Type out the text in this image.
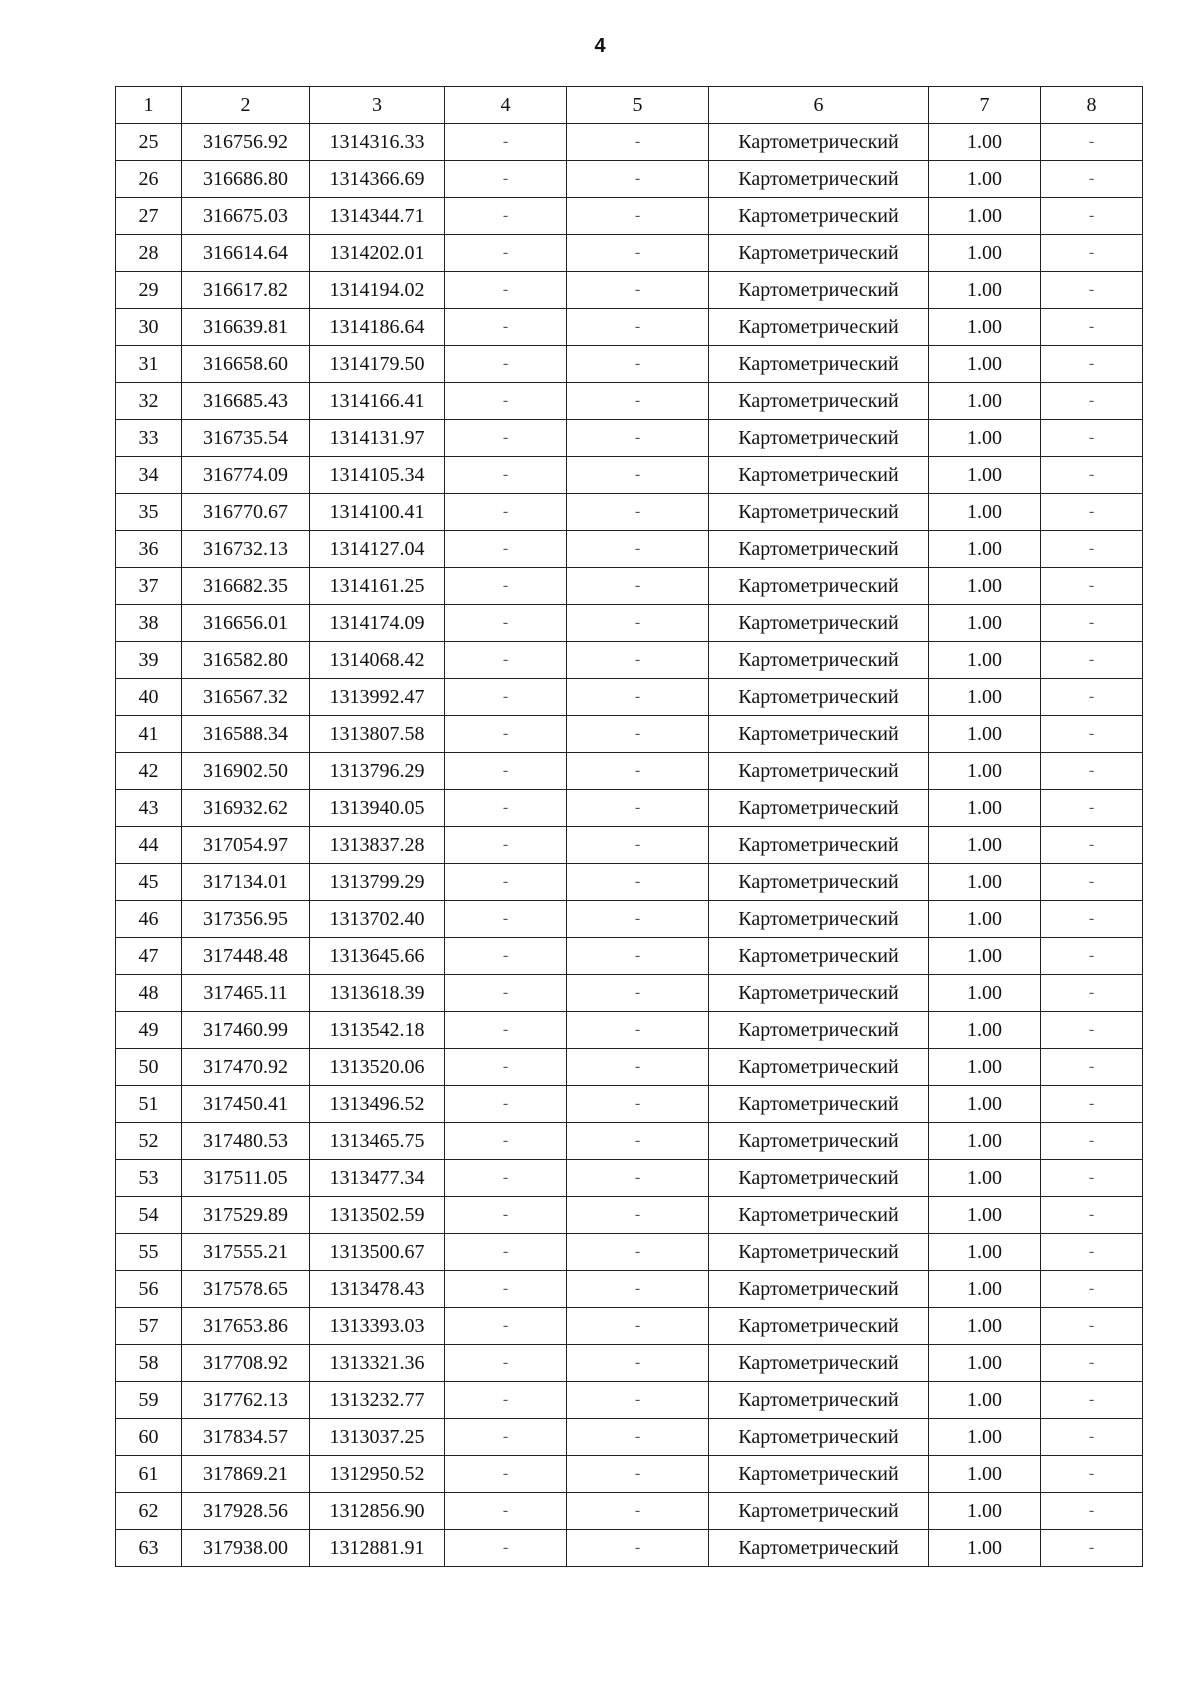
4
1	2	3	4	5	6	7	8
25	316756.92	1314316.33	-	-	Картометрический	1.00	-
26	316686.80	1314366.69	-	-	Картометрический	1.00	-
27	316675.03	1314344.71	-	-	Картометрический	1.00	-
28	316614.64	1314202.01	-	-	Картометрический	1.00	-
29	316617.82	1314194.02	-	-	Картометрический	1.00	-
30	316639.81	1314186.64	-	-	Картометрический	1.00	-
31	316658.60	1314179.50	-	-	Картометрический	1.00	-
32	316685.43	1314166.41	-	-	Картометрический	1.00	-
33	316735.54	1314131.97	-	-	Картометрический	1.00	-
34	316774.09	1314105.34	-	-	Картометрический	1.00	-
35	316770.67	1314100.41	-	-	Картометрический	1.00	-
36	316732.13	1314127.04	-	-	Картометрический	1.00	-
37	316682.35	1314161.25	-	-	Картометрический	1.00	-
38	316656.01	1314174.09	-	-	Картометрический	1.00	-
39	316582.80	1314068.42	-	-	Картометрический	1.00	-
40	316567.32	1313992.47	-	-	Картометрический	1.00	-
41	316588.34	1313807.58	-	-	Картометрический	1.00	-
42	316902.50	1313796.29	-	-	Картометрический	1.00	-
43	316932.62	1313940.05	-	-	Картометрический	1.00	-
44	317054.97	1313837.28	-	-	Картометрический	1.00	-
45	317134.01	1313799.29	-	-	Картометрический	1.00	-
46	317356.95	1313702.40	-	-	Картометрический	1.00	-
47	317448.48	1313645.66	-	-	Картометрический	1.00	-
48	317465.11	1313618.39	-	-	Картометрический	1.00	-
49	317460.99	1313542.18	-	-	Картометрический	1.00	-
50	317470.92	1313520.06	-	-	Картометрический	1.00	-
51	317450.41	1313496.52	-	-	Картометрический	1.00	-
52	317480.53	1313465.75	-	-	Картометрический	1.00	-
53	317511.05	1313477.34	-	-	Картометрический	1.00	-
54	317529.89	1313502.59	-	-	Картометрический	1.00	-
55	317555.21	1313500.67	-	-	Картометрический	1.00	-
56	317578.65	1313478.43	-	-	Картометрический	1.00	-
57	317653.86	1313393.03	-	-	Картометрический	1.00	-
58	317708.92	1313321.36	-	-	Картометрический	1.00	-
59	317762.13	1313232.77	-	-	Картометрический	1.00	-
60	317834.57	1313037.25	-	-	Картометрический	1.00	-
61	317869.21	1312950.52	-	-	Картометрический	1.00	-
62	317928.56	1312856.90	-	-	Картометрический	1.00	-
63	317938.00	1312881.91	-	-	Картометрический	1.00	-
